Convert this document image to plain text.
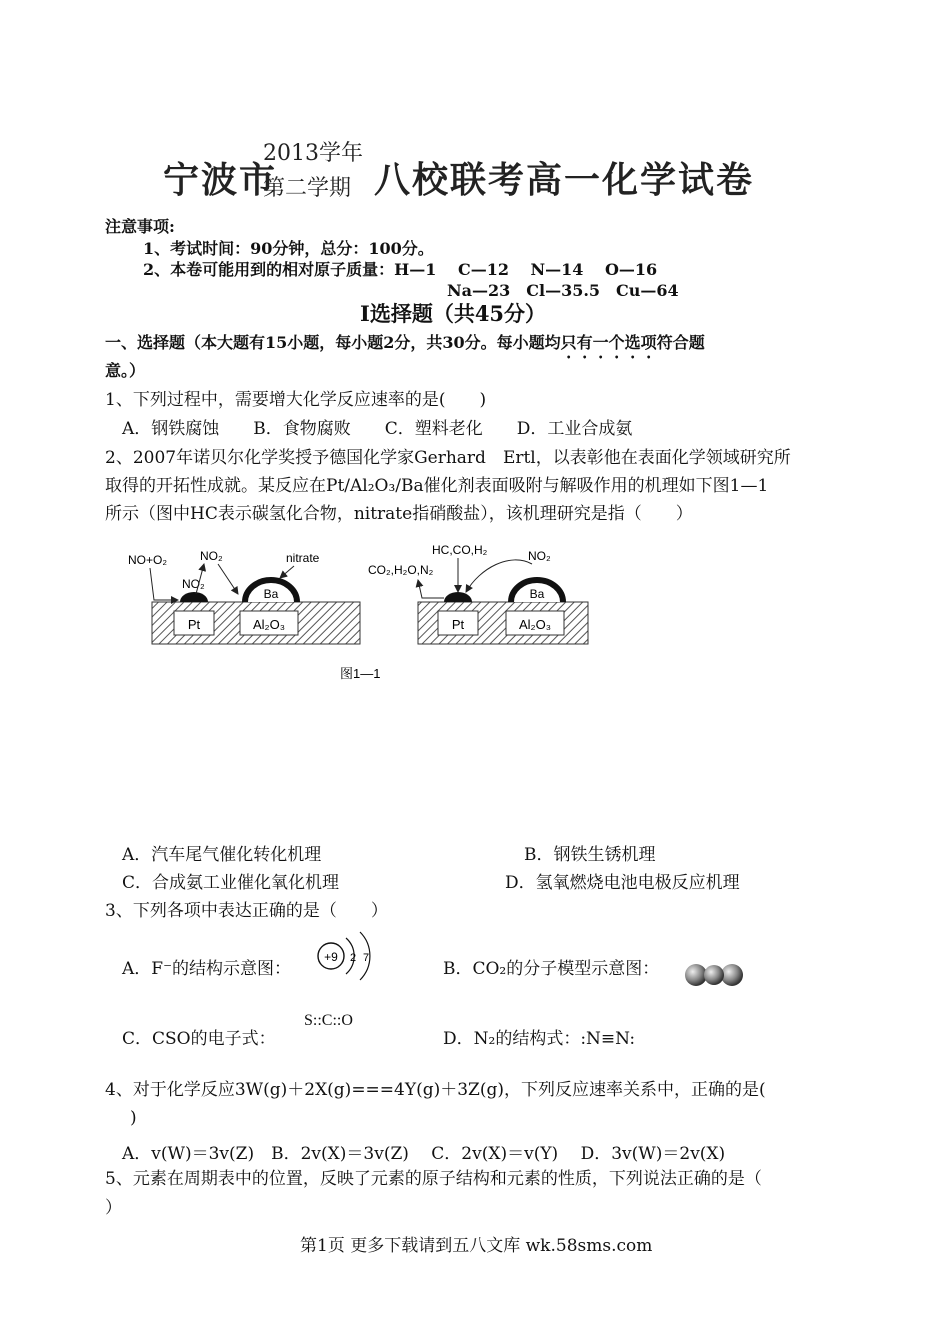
宁波市
2013学年
第二学期 八校联考高一化学试卷
注意事项:
1、考试时间：90分钟，总分：100分。
2、本卷可能用到的相对原子质量：H—1　 C—12　 N—14　 O—16
Na—23　Cl—35.5　Cu—64
I选择题（共45分）
一、选择题（本大题有15小题，每小题2分，共30分。每小题均只有一个选项符合题
意。）
1、下列过程中，需要增大化学反应速率的是(　　)
A．钢铁腐蚀　　B．食物腐败　　C．塑料老化　　D．工业合成氨
2、2007年诺贝尔化学奖授予德国化学家Gerhard　Ertl，以表彰他在表面化学领域研究所
取得的开拓性成就。某反应在Pt/Al₂O₃/Ba催化剂表面吸附与解吸作用的机理如下图1—1
所示（图中HC表示碳氢化合物，nitrate指硝酸盐），该机理研究是指（　　）
Pt	Al₂O₃
Ba
NO+O₂
NO₂
NO₂	nitrate
Pt	Al₂O₃
Ba
CO₂,H₂O,N₂
HC,CO,H₂	NO₂
图1—1
A．汽车尾气催化转化机理	B．钢铁生锈机理
C．合成氨工业催化氧化机理	D．氢氧燃烧电池电极反应机理
3、下列各项中表达正确的是（　　）
A．F⁻的结构示意图：
+9 2 7
B．CO₂的分子模型示意图：
C．CSO的电子式：
S::C::O
D．N₂的结构式：:N≡N:
4、对于化学反应3W(g)＋2X(g)===4Y(g)＋3Z(g)，下列反应速率关系中，正确的是(
)
A．v(W)＝3v(Z)　B．2v(X)＝3v(Z)　 C．2v(X)＝v(Y)　 D．3v(W)＝2v(X)
5、元素在周期表中的位置，反映了元素的原子结构和元素的性质，下列说法正确的是（
）
第1页 更多下载请到五八文库 wk.58sms.com
